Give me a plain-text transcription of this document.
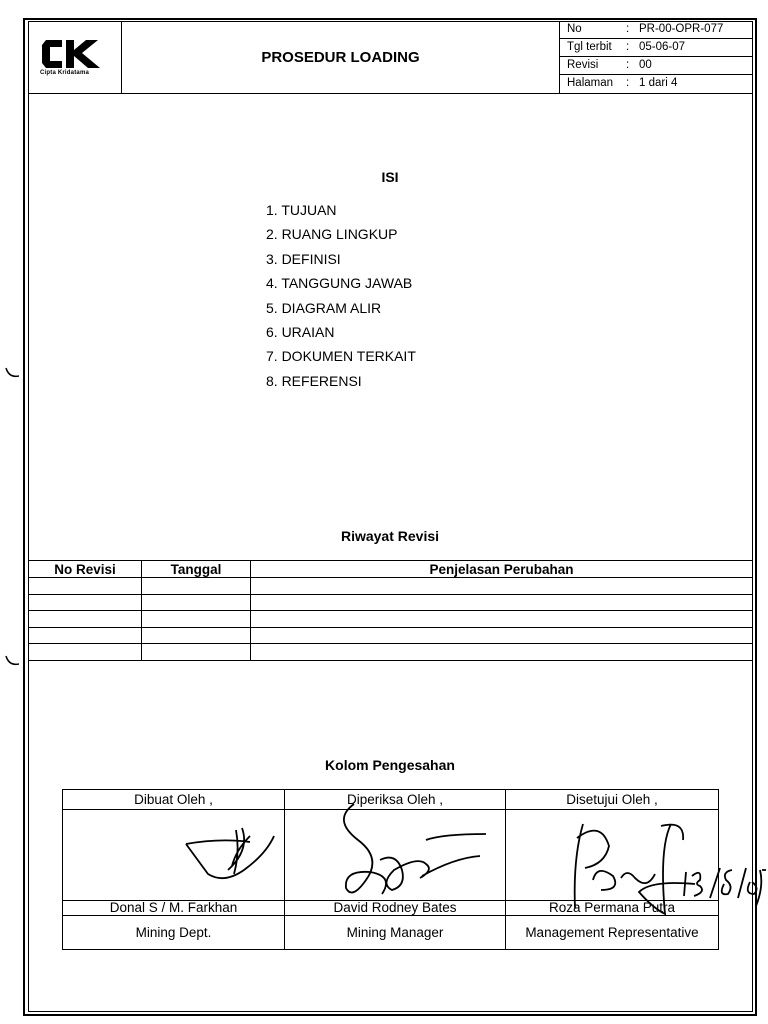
Cipta Kridatama
PROSEDUR LOADING
No	: PR-00-OPR-077
Tgl terbit : 05-06-07
Revisi : 00
Halaman : 1 dari 4
ISI
1. TUJUAN
2. RUANG LINGKUP
3. DEFINISI
4. TANGGUNG JAWAB
5. DIAGRAM ALIR
6. URAIAN
7. DOKUMEN TERKAIT
8. REFERENSI
Riwayat Revisi
No Revisi	Tanggal	Penjelasan Perubahan

Kolom Pengesahan
Dibuat Oleh ,	Diperiksa Oleh ,	Disetujui Oleh ,

Donal S / M. Farkhan	David Rodney Bates	Roza Permana Putra
Mining Dept.	Mining Manager	Management Representative
